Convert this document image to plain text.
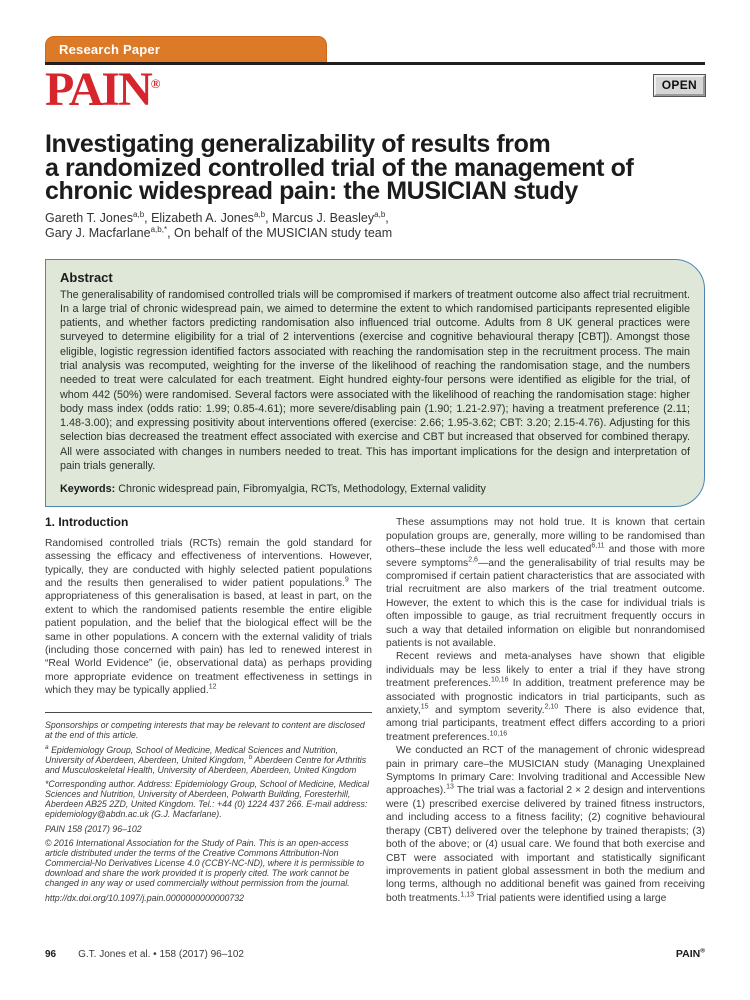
Research Paper
PAIN®	OPEN
Investigating generalizability of results from
a randomized controlled trial of the management of
chronic widespread pain: the MUSICIAN study
Gareth T. Jones$^{a,b}$, Elizabeth A. Jones$^{a,b}$, Marcus J. Beasley$^{a,b}$,
Gary J. Macfarlane$^{a,b,*}$, On behalf of the MUSICIAN study team
Abstract

The generalisability of randomised controlled trials will be compromised if markers of treatment outcome also affect trial recruitment. In a large trial of chronic widespread pain, we aimed to determine the extent to which randomised participants represented eligible patients, and whether factors predicting randomisation also influenced trial outcome. Adults from 8 UK general practices were surveyed to determine eligibility for a trial of 2 interventions (exercise and cognitive behavioural therapy [CBT]). Amongst those eligible, logistic regression identified factors associated with reaching the randomisation step in the recruitment process. The main trial analysis was recomputed, weighting for the inverse of the likelihood of reaching the randomisation stage, and the numbers needed to treat were calculated for each treatment. Eight hundred eighty-four persons were identified as eligible for the trial, of whom 442 (50%) were randomised. Several factors were associated with the likelihood of reaching the randomisation stage: higher body mass index (odds ratio: 1.99; 0.85-4.61); more severe/disabling pain (1.90; 1.21-2.97); having a treatment preference (2.11; 1.48-3.00); and expressing positivity about interventions offered (exercise: 2.66; 1.95-3.62; CBT: 3.20; 2.15-4.76). Adjusting for this selection bias decreased the treatment effect associated with exercise and CBT but increased that observed for combined therapy. All were associated with changes in numbers needed to treat. This has important implications for the design and interpretation of pain trials generally.

Keywords: Chronic widespread pain, Fibromyalgia, RCTs, Methodology, External validity

1. Introduction

Randomised controlled trials (RCTs) remain the gold standard for assessing the efficacy and effectiveness of interventions. However, typically, they are conducted with highly selected patient populations and the results then generalised to wider patient populations.$^9$ The appropriateness of this generalisation is based, at least in part, on the extent to which the randomised patients resemble the entire eligible patient population, and the belief that the biological effect will be the same in other populations. A concern with the external validity of trials (including those concerned with pain) has led to renewed interest in “Real World Evidence” (ie, observational data) as perhaps providing more appropriate evidence on treatment effectiveness in settings in which they may be typically applied.$^{12}$

Sponsorships or competing interests that may be relevant to content are disclosed at the end of this article.

$^a$ Epidemiology Group, School of Medicine, Medical Sciences and Nutrition, University of Aberdeen, Aberdeen, United Kingdom, $^b$ Aberdeen Centre for Arthritis and Musculoskeletal Health, University of Aberdeen, Aberdeen, United Kingdom

*Corresponding author. Address: Epidemiology Group, School of Medicine, Medical Sciences and Nutrition, University of Aberdeen, Polwarth Building, Foresterhill, Aberdeen AB25 2ZD, United Kingdom. Tel.: +44 (0) 1224 437 266. E-mail address: epidemiology@abdn.ac.uk (G.J. Macfarlane).

PAIN 158 (2017) 96–102

© 2016 International Association for the Study of Pain. This is an open-access article distributed under the terms of the Creative Commons Attribution-Non Commercial-No Derivatives License 4.0 (CCBY-NC-ND), where it is permissible to download and share the work provided it is properly cited. The work cannot be changed in any way or used commercially without permission from the journal.

http://dx.doi.org/10.1097/j.pain.0000000000000732

These assumptions may not hold true. It is known that certain population groups are, generally, more willing to be randomised than others–these include the less well educated$^{6,11}$ and those with more severe symptoms$^{2,6}$—and the generalisability of trial results may be compromised if certain patient characteristics that are associated with trial recruitment are also markers of the trial treatment outcome. However, the extent to which this is the case for individual trials is often impossible to gauge, as trial recruitment frequently occurs in such a way that detailed information on eligible but nonrandomised patients is not available.

Recent reviews and meta-analyses have shown that eligible individuals may be less likely to enter a trial if they have strong treatment preferences.$^{10,16}$ In addition, treatment preference may be associated with prognostic indicators in trial participants, such as anxiety,$^{15}$ and symptom severity.$^{2,10}$ There is also evidence that, among trial participants, treatment effect differs according to a priori treatment preferences.$^{10,16}$

We conducted an RCT of the management of chronic widespread pain in primary care–the MUSICIAN study (Managing Unexplained Symptoms In primary Care: Involving traditional and Accessible New approaches).$^{13}$ The trial was a factorial 2 × 2 design and interventions were (1) prescribed exercise delivered by trained fitness instructors, and including access to a fitness facility; (2) cognitive behavioural therapy (CBT) delivered over the telephone by trained therapists; (3) both of the above; or (4) usual care. We found that both exercise and CBT were associated with important and statistically significant improvements in patient global assessment in both the medium and long terms, although no additional benefit was gained from receiving both treatments.$^{1,13}$ Trial patients were identified using a large

96 G.T. Jones et al. • 158 (2017) 96–102	PAIN®
